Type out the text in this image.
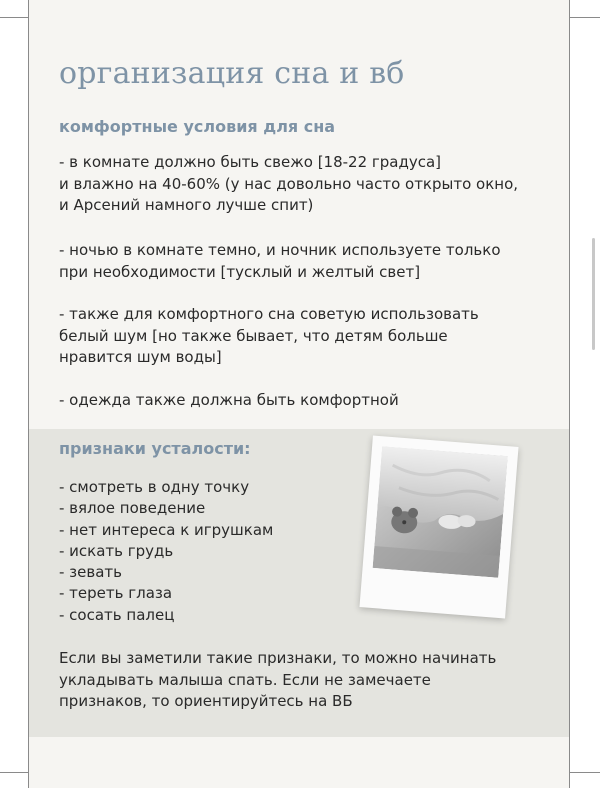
организация сна и вб
комфортные условия для сна

- в комнате должно быть свежо [18-22 градуса]
и влажно на 40-60% (у нас довольно часто открыто окно,
и Арсений намного лучше спит)

- ночью в комнате темно, и ночник используете только
при необходимости [тусклый и желтый свет]

- также для комфортного сна советую использовать
белый шум [но также бывает, что детям больше
нравится шум воды]

- одежда также должна быть комфортной

признаки усталости:
- смотреть в одну точку
- вялое поведение
- нет интереса к игрушкам
- искать грудь
- зевать
- тереть глаза
- сосать палец

Если вы заметили такие признаки, то можно начинать
укладывать малыша спать. Если не замечаете
признаков, то ориентируйтесь на ВБ
